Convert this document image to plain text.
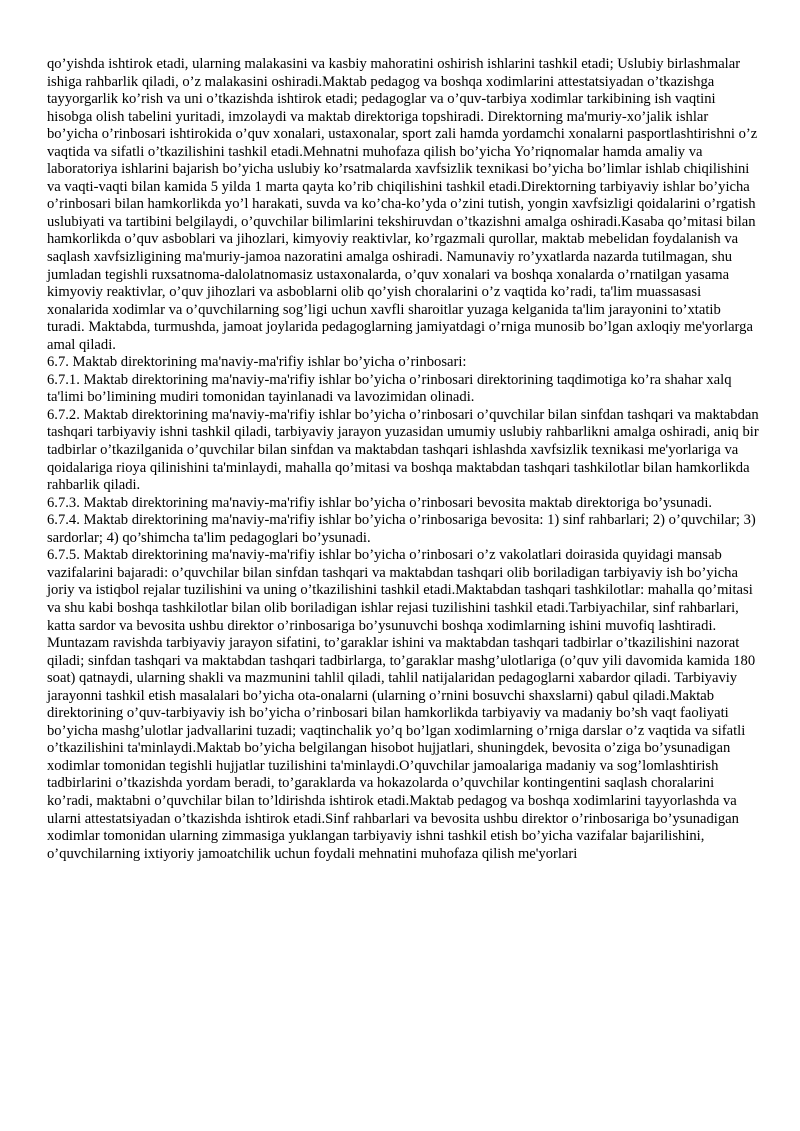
qo’yishda ishtirok etadi, ularning malakasini va kasbiy mahoratini oshirish ishlarini tashkil etadi; Uslubiy birlashmalar ishiga rahbarlik qiladi, o’z malakasini oshiradi.Maktab pedagog va boshqa xodimlarini attestatsiyadan o’tkazishga tayyorgarlik ko’rish va uni o’tkazishda ishtirok etadi; pedagoglar va o’quv-tarbiya xodimlar tarkibining ish vaqtini hisobga olish tabelini yuritadi, imzolaydi va maktab direktoriga topshiradi. Direktorning ma'muriy-xo’jalik ishlar bo’yicha o’rinbosari ishtirokida o’quv xonalari, ustaxonalar, sport zali hamda yordamchi xonalarni pasportlashtirishni o’z vaqtida va sifatli o’tkazilishini tashkil etadi.Mehnatni muhofaza qilish bo’yicha Yo’riqnomalar hamda amaliy va laboratoriya ishlarini bajarish bo’yicha uslubiy ko’rsatmalarda xavfsizlik texnikasi bo’yicha bo’limlar ishlab chiqilishini va vaqti-vaqti bilan kamida 5 yilda 1 marta qayta ko’rib chiqilishini tashkil etadi.Direktorning tarbiyaviy ishlar bo’yicha o’rinbosari bilan hamkorlikda yo’l harakati, suvda va ko’cha-ko’yda o’zini tutish, yongin xavfsizligi qoidalarini o’rgatish uslubiyati va tartibini belgilaydi, o’quvchilar bilimlarini tekshiruvdan o’tkazishni amalga oshiradi.Kasaba qo’mitasi bilan hamkorlikda o’quv asboblari va jihozlari, kimyoviy reaktivlar, ko’rgazmali qurollar, maktab mebelidan foydalanish va saqlash xavfsizligining ma'muriy-jamoa nazoratini amalga oshiradi. Namunaviy ro’yxatlarda nazarda tutilmagan, shu jumladan tegishli ruxsatnoma-dalolatnomasiz ustaxonalarda, o’quv xonalari va boshqa xonalarda o’rnatilgan yasama kimyoviy reaktivlar, o’quv jihozlari va asboblarni olib qo’yish choralarini o’z vaqtida ko’radi, ta'lim muassasasi xonalarida xodimlar va o’quvchilarning sog’ligi uchun xavfli sharoitlar yuzaga kelganida ta'lim jarayonini to’xtatib turadi. Maktabda, turmushda, jamoat joylarida pedagoglarning jamiyatdagi o’rniga munosib bo’lgan axloqiy me'yorlarga amal qiladi.

6.7. Maktab direktorining ma'naviy-ma'rifiy ishlar bo’yicha o’rinbosari:

6.7.1. Maktab direktorining ma'naviy-ma'rifiy ishlar bo’yicha o’rinbosari direktorining taqdimotiga ko’ra shahar xalq ta'limi bo’limining mudiri tomonidan tayinlanadi va lavozimidan olinadi.

6.7.2. Maktab direktorining ma'naviy-ma'rifiy ishlar bo’yicha o’rinbosari o’quvchilar bilan sinfdan tashqari va maktabdan tashqari tarbiyaviy ishni tashkil qiladi, tarbiyaviy jarayon yuzasidan umumiy uslubiy rahbarlikni amalga oshiradi, aniq bir tadbirlar o’tkazilganida o’quvchilar bilan sinfdan va maktabdan tashqari ishlashda xavfsizlik texnikasi me'yorlariga va qoidalariga rioya qilinishini ta'minlaydi, mahalla qo’mitasi va boshqa maktabdan tashqari tashkilotlar bilan hamkorlikda rahbarlik qiladi.

6.7.3. Maktab direktorining ma'naviy-ma'rifiy ishlar bo’yicha o’rinbosari bevosita maktab direktoriga bo’ysunadi.

6.7.4. Maktab direktorining ma'naviy-ma'rifiy ishlar bo’yicha o’rinbosariga bevosita: 1) sinf rahbarlari; 2) o’quvchilar; 3) sardorlar; 4) qo’shimcha ta'lim pedagoglari bo’ysunadi.

6.7.5. Maktab direktorining ma'naviy-ma'rifiy ishlar bo’yicha o’rinbosari o’z vakolatlari doirasida quyidagi mansab vazifalarini bajaradi: o’quvchilar bilan sinfdan tashqari va maktabdan tashqari olib boriladigan tarbiyaviy ish bo’yicha joriy va istiqbol rejalar tuzilishini va uning o’tkazilishini tashkil etadi.Maktabdan tashqari tashkilotlar: mahalla qo’mitasi va shu kabi boshqa tashkilotlar bilan olib boriladigan ishlar rejasi tuzilishini tashkil etadi.Tarbiyachilar, sinf rahbarlari, katta sardor va bevosita ushbu direktor o’rinbosariga bo’ysunuvchi boshqa xodimlarning ishini muvofiq lashtiradi. Muntazam ravishda tarbiyaviy jarayon sifatini, to’garaklar ishini va maktabdan tashqari tadbirlar o’tkazilishini nazorat qiladi; sinfdan tashqari va maktabdan tashqari tadbirlarga, to’garaklar mashg’ulotlariga (o’quv yili davomida kamida 180 soat) qatnaydi, ularning shakli va mazmunini tahlil qiladi, tahlil natijalaridan pedagoglarni xabardor qiladi. Tarbiyaviy jarayonni tashkil etish masalalari bo’yicha ota-onalarni (ularning o’rnini bosuvchi shaxslarni) qabul qiladi.Maktab direktorining o’quv-tarbiyaviy ish bo’yicha o’rinbosari bilan hamkorlikda tarbiyaviy va madaniy bo’sh vaqt faoliyati bo’yicha mashg’ulotlar jadvallarini tuzadi; vaqtinchalik yo’q bo’lgan xodimlarning o’rniga darslar o’z vaqtida va sifatli o’tkazilishini ta'minlaydi.Maktab bo’yicha belgilangan hisobot hujjatlari, shuningdek, bevosita o’ziga bo’ysunadigan xodimlar tomonidan tegishli hujjatlar tuzilishini ta'minlaydi.O’quvchilar jamoalariga madaniy va sog’lomlashtirish tadbirlarini o’tkazishda yordam beradi, to’garaklarda va hokazolarda o’quvchilar kontingentini saqlash choralarini ko’radi, maktabni o’quvchilar bilan to’ldirishda ishtirok etadi.Maktab pedagog va boshqa xodimlarini tayyorlashda va ularni attestatsiyadan o’tkazishda ishtirok etadi.Sinf rahbarlari va bevosita ushbu direktor o’rinbosariga bo’ysunadigan xodimlar tomonidan ularning zimmasiga yuklangan tarbiyaviy ishni tashkil etish bo’yicha vazifalar bajarilishini, o’quvchilarning ixtiyoriy jamoatchilik uchun foydali mehnatini muhofaza qilish me'yorlari
